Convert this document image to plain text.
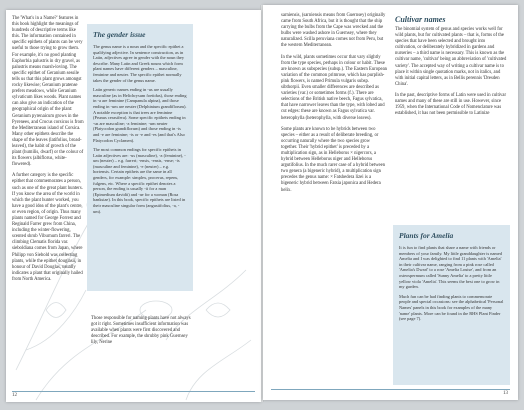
The 'What's in a Name?' features in this book highlight the meanings of hundreds of descriptive terms like this. The information contained in specific epithets of plants can be very useful to those trying to grow them. For example, it's no good planting Euphorbia palustris in dry gravel, as palustris means marsh-loving. The specific epithet of Geranium sessile tells us that this plant grows amongst rocky likewise; Geranium pratense prefers meadows, while Geranium sylvaticum likes woods. Plant names can also give an indication of the geographical origin of the plant: Geranium pyrenaicum grows in the Pyrenees, and Crocus corsicus is from the Mediterranean island of Corsica. Many other epithets describe the shape of the leaves (latifolius, broad-leaved), the habit of growth of the plant (humilis, dwarf) or the colour of its flowers (albiflorus, white-flowered).

A further category is the specific epithet that commemorates a person, such as one of the great plant hunters. If you know the area of the world in which the plant hunter worked, you have a good idea of the plant's centre, or even region, of origin. Thus many plants named for George Forrest and Reginald Farrer grew from China, including the winter-flowering, scented shrub Viburnum farreri. The climbing Clematis florida var. sieboldiana comes from Japan, where Philipp von Siebold was collecting plants, while the epithet douglasii, in honour of David Douglas, usually indicates a plant that originally hailed from North America.

The gender issue

The genus name is a noun and the specific epithet a qualifying adjective. In sentence construction, as in Latin, adjectives agree in gender with the noun they describe. Many Latin and Greek nouns which form plant names have different genders – masculine, feminine and neuter. The specific epithet normally takes the gender of the genus name.

Latin generic names ending in -us are usually masculine (as in Helichrysum foetidus), those ending in -a are feminine (Campanula alpina), and those ending in -um are neuter (Delphinium grandiflorum). A notable exception is that trees are feminine (Prunus cerasifera). Some specific epithets ending in -us are masculine; -a feminine; -um neuter (Platycodon grandiflorum) and those ending in -is and -e are feminine; -is or -e and -es (and that's Also Platycodon Cyclamen).

The most common endings for specific epithets in Latin adjectives are: -us (masculine), -a (feminine), -um (neuter) – e.g. farreri; -ensis, -ensis, -ense; -is (masculine and feminine), -e (neuter) – e.g. hortensis. Certain epithets are the same in all genders, for example: simplex, procerus, repens, fulgens, etc. Where a specific epithet denotes a person, the ending is usually -ii for a man (Epimedium davidii) and -ae for a woman (Rosa banksiae). In this book, specific epithets are listed in their masculine singular form (angustifolius, -a, -um).

Those responsible for naming plants have not always got it right. Sometimes insufficient information was available when plants were first discovered and described. For example, the shrubby pink Guernsey lily, Nerine

12

sarniensis, (sarniensis means from Guernsey) originally came from South Africa, but it is thought that the ship carrying the bulbs from the Cape was wrecked and the bulbs were washed ashore in Guernsey, where they naturalized. Scilla peruviana comes not from Peru, but the western Mediterranean.

In the wild, plants sometimes occur that vary slightly from the type species, perhaps in colour or habit. These are known as subspecies (subsp.). The Eastern European variation of the common primrose, which has purplish-pink flowers, is named Primula vulgaris subsp. sibthorpii. Even smaller differences are described as varieties (var.) or sometimes forms (f.). There are selections of the British native beech, Fagus sylvatica, that have narrower leaves than the type, with lobed and cut edges: these are known as Fagus sylvatica var. heterophylla (heterophylla, with diverse leaves).

Some plants are known to be hybrids between two species – either as a result of deliberate breeding, or occurring naturally where the two species grow together. Their 'hybrid epithet' is preceded by a multiplication sign, as in Helleborus × nigercors, a hybrid between Helleborus niger and Helleborus argutifolius. In the much rarer case of a hybrid between two genera (a bigeneric hybrid), a multiplication sign precedes the genus name: × Fatshedera lizei is a bigeneric hybrid between Fatsia japonica and Hedera helix.

Cultivar names

The binomial system of genus and species works well for wild plants, but for cultivated plants – that is, forms of the species that have been selected and brought into cultivation, or deliberately hybridized in gardens and nurseries – a third name is necessary. This is known as the cultivar name, 'cultivar' being an abbreviation of 'cultivated variety'. The accepted way of writing a cultivar name is to place it within single quotation marks, not in italics, and with initial capital letters, as in Bellis perennis 'Dresden China'.

In the past, descriptive forms of Latin were used in cultivar names and many of these are still in use. However, since 1959, when the International Code of Nomenclature was established, it has not been permissible to Latinize

Plants for Amelia

It is fun to find plants that share a name with friends or members of your family. My little granddaughter is named Amelia and I was delighted to find 11 plants with 'Amelia' in their cultivar name, ranging from a pink rose called 'Amelia's Dwarf' to a rose 'Amelia Louise', and from an osteospermum called 'Sunny Amelia' to a pretty little yellow viola 'Amelia'. This seems the best one to grow in my garden.

Much fun can be had finding plants to commemorate people and special occasions: see the alphabetical 'Personal Names' panels in this book for examples of the many 'name' plants. More can be found in the RHS Plant Finder (see page 7).

13
